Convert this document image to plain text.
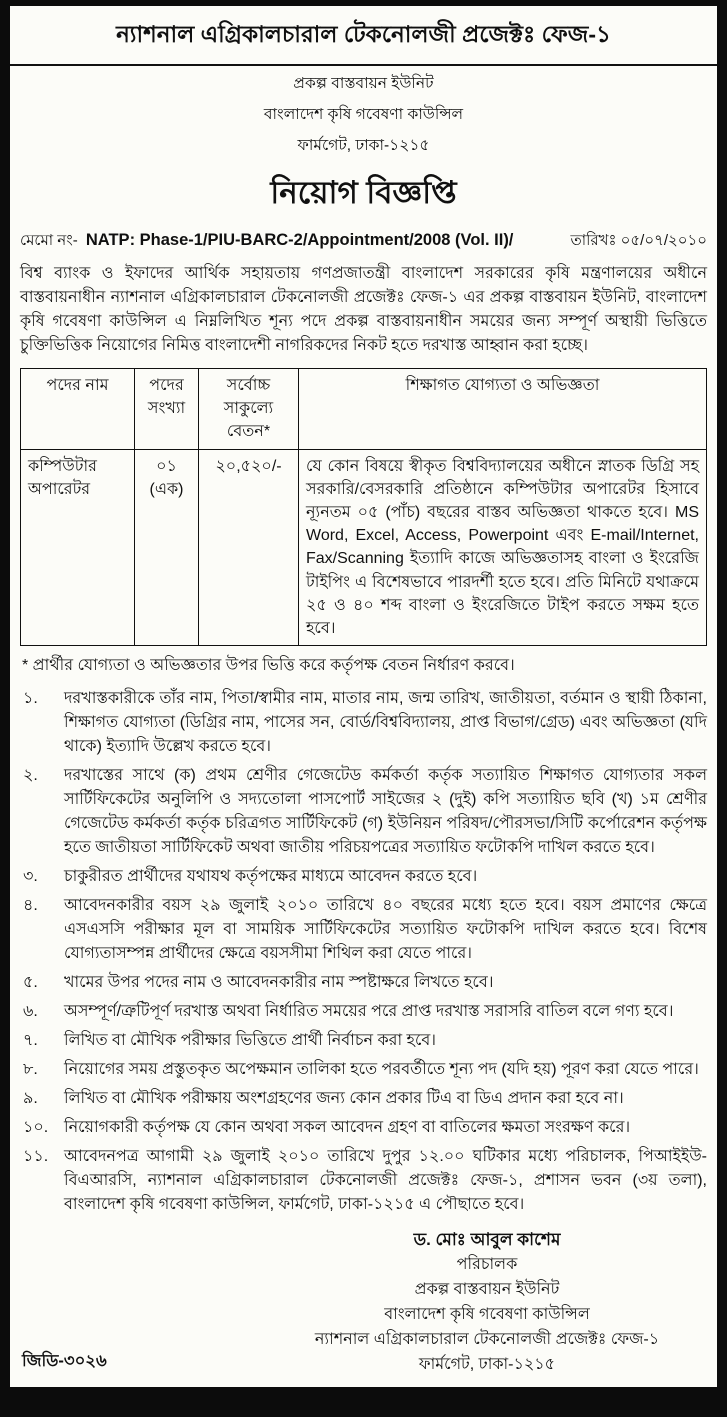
ন্যাশনাল এগ্রিকালচারাল টেকনোলজী প্রজেক্টঃ ফেজ-১
প্রকল্প বাস্তবায়ন ইউনিট
বাংলাদেশ কৃষি গবেষণা কাউন্সিল
ফার্মগেট, ঢাকা-১২১৫
নিয়োগ বিজ্ঞপ্তি
মেমো নং- NATP: Phase-1/PIU-BARC-2/Appointment/2008 (Vol. II)/	তারিখঃ ০৫/০৭/২০১০

বিশ্ব ব্যাংক ও ইফাদের আর্থিক সহায়তায় গণপ্রজাতন্ত্রী বাংলাদেশ সরকারের কৃষি মন্ত্রণালয়ের অধীনে বাস্তবায়নাধীন ন্যাশনাল এগ্রিকালচারাল টেকনোলজী প্রজেক্টঃ ফেজ-১ এর প্রকল্প বাস্তবায়ন ইউনিট, বাংলাদেশ কৃষি গবেষণা কাউন্সিল এ নিম্নলিখিত শূন্য পদে প্রকল্প বাস্তবায়নাধীন সময়ের জন্য সম্পূর্ণ অস্থায়ী ভিত্তিতে চুক্তিভিত্তিক নিয়োগের নিমিত্ত বাংলাদেশী নাগরিকদের নিকট হতে দরখাস্ত আহ্বান করা হচ্ছে।

পদের নাম	পদের সংখ্যা	সর্বোচ্চ সাকুল্যে বেতন*	শিক্ষাগত যোগ্যতা ও অভিজ্ঞতা
কম্পিউটার অপারেটর	০১ (এক)	২০,৫২০/-	যে কোন বিষয়ে স্বীকৃত বিশ্ববিদ্যালয়ের অধীনে স্নাতক ডিগ্রি সহ সরকারি/বেসরকারি প্রতিষ্ঠানে কম্পিউটার অপারেটর হিসাবে ন্যূনতম ০৫ (পাঁচ) বছরের বাস্তব অভিজ্ঞতা থাকতে হবে। MS Word, Excel, Access, Powerpoint এবং E-mail/Internet, Fax/Scanning ইত্যাদি কাজে অভিজ্ঞতাসহ বাংলা ও ইংরেজি টাইপিং এ বিশেষভাবে পারদর্শী হতে হবে। প্রতি মিনিটে যথাক্রমে ২৫ ও ৪০ শব্দ বাংলা ও ইংরেজিতে টাইপ করতে সক্ষম হতে হবে।
* প্রার্থীর যোগ্যতা ও অভিজ্ঞতার উপর ভিত্তি করে কর্তৃপক্ষ বেতন নির্ধারণ করবে।
১.	দরখাস্তকারীকে তাঁর নাম, পিতা/স্বামীর নাম, মাতার নাম, জন্ম তারিখ, জাতীয়তা, বর্তমান ও স্থায়ী ঠিকানা, শিক্ষাগত যোগ্যতা (ডিগ্রির নাম, পাসের সন, বোর্ড/বিশ্ববিদ্যালয়, প্রাপ্ত বিভাগ/গ্রেড) এবং অভিজ্ঞতা (যদি থাকে) ইত্যাদি উল্লেখ করতে হবে।
২.	দরখাস্তের সাথে (ক) প্রথম শ্রেণীর গেজেটেড কর্মকর্তা কর্তৃক সত্যায়িত শিক্ষাগত যোগ্যতার সকল সার্টিফিকেটের অনুলিপি ও সদ্যতোলা পাসপোর্ট সাইজের ২ (দুই) কপি সত্যায়িত ছবি (খ) ১ম শ্রেণীর গেজেটেড কর্মকর্তা কর্তৃক চরিত্রগত সার্টিফিকেট (গ) ইউনিয়ন পরিষদ/পৌরসভা/সিটি কর্পোরেশন কর্তৃপক্ষ হতে জাতীয়তা সার্টিফিকেট অথবা জাতীয় পরিচয়পত্রের সত্যায়িত ফটোকপি দাখিল করতে হবে।
৩.	চাকুরীরত প্রার্থীদের যথাযথ কর্তৃপক্ষের মাধ্যমে আবেদন করতে হবে।
৪.	আবেদনকারীর বয়স ২৯ জুলাই ২০১০ তারিখে ৪০ বছরের মধ্যে হতে হবে। বয়স প্রমাণের ক্ষেত্রে এসএসসি পরীক্ষার মূল বা সাময়িক সার্টিফিকেটের সত্যায়িত ফটোকপি দাখিল করতে হবে। বিশেষ যোগ্যতাসম্পন্ন প্রার্থীদের ক্ষেত্রে বয়সসীমা শিথিল করা যেতে পারে।
৫.	খামের উপর পদের নাম ও আবেদনকারীর নাম স্পষ্টাক্ষরে লিখতে হবে।
৬.	অসম্পূর্ণ/ত্রুটিপূর্ণ দরখাস্ত অথবা নির্ধারিত সময়ের পরে প্রাপ্ত দরখাস্ত সরাসরি বাতিল বলে গণ্য হবে।
৭.	লিখিত বা মৌখিক পরীক্ষার ভিত্তিতে প্রার্থী নির্বাচন করা হবে।
৮.	নিয়োগের সময় প্রস্তুতকৃত অপেক্ষমান তালিকা হতে পরবর্তীতে শূন্য পদ (যদি হয়) পূরণ করা যেতে পারে।
৯.	লিখিত বা মৌখিক পরীক্ষায় অংশগ্রহণের জন্য কোন প্রকার টিএ বা ডিএ প্রদান করা হবে না।
১০. নিয়োগকারী কর্তৃপক্ষ যে কোন অথবা সকল আবেদন গ্রহণ বা বাতিলের ক্ষমতা সংরক্ষণ করে।
১১. আবেদনপত্র আগামী ২৯ জুলাই ২০১০ তারিখে দুপুর ১২.০০ ঘটিকার মধ্যে পরিচালক, পিআইইউ-বিএআরসি, ন্যাশনাল এগ্রিকালচারাল টেকনোলজী প্রজেক্টঃ ফেজ-১, প্রশাসন ভবন (৩য় তলা), বাংলাদেশ কৃষি গবেষণা কাউন্সিল, ফার্মগেট, ঢাকা-১২১৫ এ পৌছাতে হবে।
ড. মোঃ আবুল কাশেম
পরিচালক
প্রকল্প বাস্তবায়ন ইউনিট
বাংলাদেশ কৃষি গবেষণা কাউন্সিল
ন্যাশনাল এগ্রিকালচারাল টেকনোলজী প্রজেক্টঃ ফেজ-১
ফার্মগেট, ঢাকা-১২১৫
জিডি-৩০২৬
